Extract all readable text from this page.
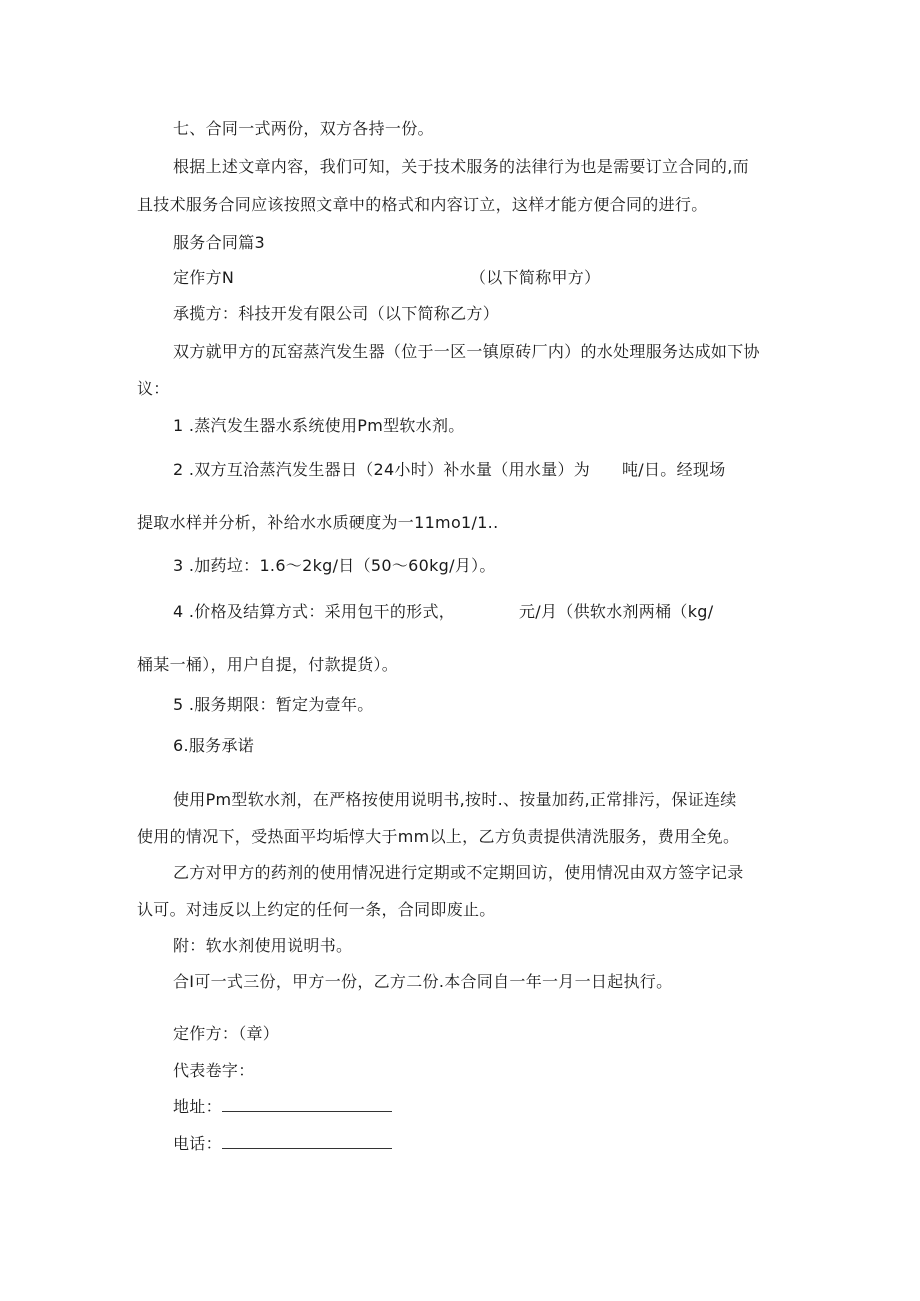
七、合同一式两份，双方各持一份。
根据上述文章内容，我们可知，关于技术服务的法律行为也是需要订立合同的,而
且技术服务合同应该按照文章中的格式和内容订立，这样才能方便合同的进行。
服务合同篇3
定作方N	（以下简称甲方）
承揽方：科技开发有限公司（以下简称乙方）
双方就甲方的瓦窑蒸汽发生器（位于一区一镇原砖厂内）的水处理服务达成如下协
议：
1 .蒸汽发生器水系统使用Pm型软水剂。
2 .双方互洽蒸汽发生器日（24小时）补水量（用水量）为 吨/日。经现场
提取水样并分析，补给水水质硬度为一11mo1/1..
3 .加药垃：1.6〜2kg/日（50〜60kg/月）。
4 .价格及结算方式：采用包干的形式，	元/月（供软水剂两桶（kg/
桶某一桶），用户自提，付款提货）。
5 .服务期限：暂定为壹年。
6.服务承诺
使用Pm型软水剂，在严格按使用说明书,按时.、按量加药,正常排污，保证连续
使用的情况下，受热面平均垢惇大于mm以上，乙方负责提供清洗服务，费用全免。
乙方对甲方的药剂的使用情况进行定期或不定期回访，使用情况由双方签字记录
认可。对违反以上约定的任何一条，合同即废止。
附：软水剂使用说明书。
合I可一式三份，甲方一份，乙方二份.本合同自一年一月一日起执行。
定作方：（章）
代表卷字：
地址：
电话：
